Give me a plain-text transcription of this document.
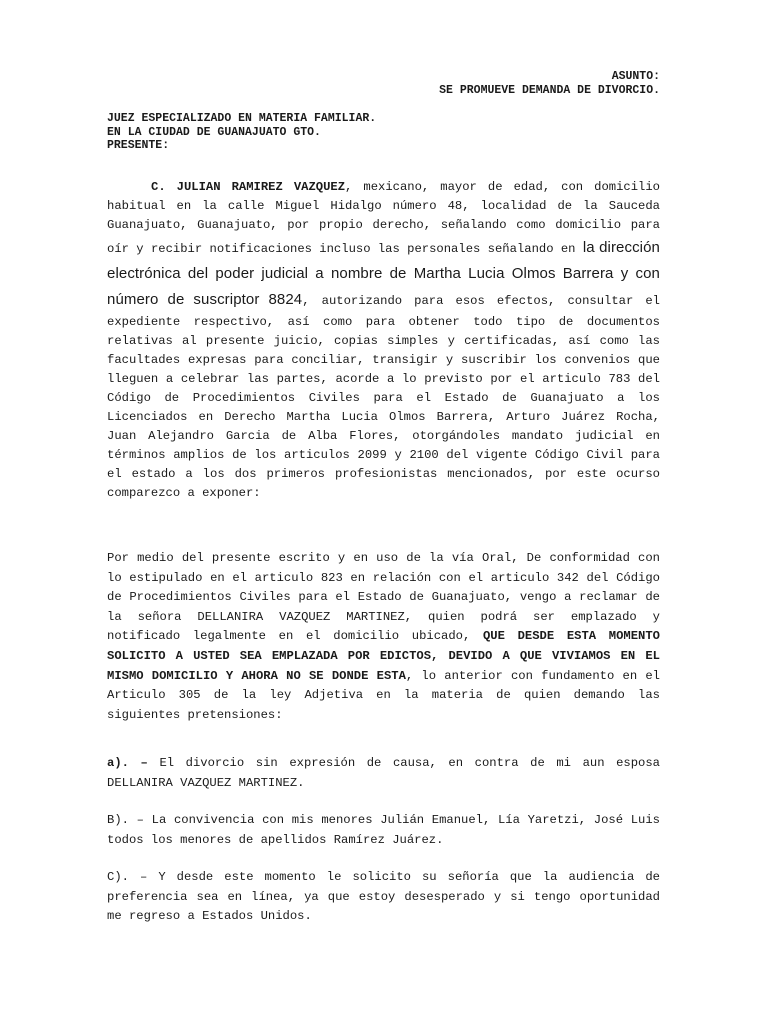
ASUNTO:
SE PROMUEVE DEMANDA DE DIVORCIO.
JUEZ ESPECIALIZADO EN MATERIA FAMILIAR.
EN LA CIUDAD DE GUANAJUATO GTO.
PRESENTE:

C. JULIAN RAMIREZ VAZQUEZ, mexicano, mayor de edad, con domicilio habitual en la calle Miguel Hidalgo número 48, localidad de la Sauceda Guanajuato, Guanajuato, por propio derecho, señalando como domicilio para oír y recibir notificaciones incluso las personales señalando en la dirección electrónica del poder judicial a nombre de Martha Lucia Olmos Barrera y con número de suscriptor 8824, autorizando para esos efectos, consultar el expediente respectivo, así como para obtener todo tipo de documentos relativas al presente juicio, copias simples y certificadas, así como las facultades expresas para conciliar, transigir y suscribir los convenios que lleguen a celebrar las partes, acorde a lo previsto por el articulo 783 del Código de Procedimientos Civiles para el Estado de Guanajuato a los Licenciados en Derecho Martha Lucia Olmos Barrera, Arturo Juárez Rocha, Juan Alejandro Garcia de Alba Flores, otorgándoles mandato judicial en términos amplios de los articulos 2099 y 2100 del vigente Código Civil para el estado a los dos primeros profesionistas mencionados, por este ocurso comparezco a exponer:

Por medio del presente escrito y en uso de la vía Oral, De conformidad con lo estipulado en el articulo 823 en relación con el articulo 342 del Código de Procedimientos Civiles para el Estado de Guanajuato, vengo a reclamar de la señora DELLANIRA VAZQUEZ MARTINEZ, quien podrá ser emplazado y notificado legalmente en el domicilio ubicado, QUE DESDE ESTA MOMENTO SOLICITO A USTED SEA EMPLAZADA POR EDICTOS, DEVIDO A QUE VIVIAMOS EN EL MISMO DOMICILIO Y AHORA NO SE DONDE ESTA, lo anterior con fundamento en el Articulo 305 de la ley Adjetiva en la materia de quien demando las siguientes pretensiones:

a). – El divorcio sin expresión de causa, en contra de mi aun esposa DELLANIRA VAZQUEZ MARTINEZ.

B). – La convivencia con mis menores Julián Emanuel, Lía Yaretzi, José Luis todos los menores de apellidos Ramírez Juárez.

C). – Y desde este momento le solicito su señoría que la audiencia de preferencia sea en línea, ya que estoy desesperado y si tengo oportunidad me regreso a Estados Unidos.
